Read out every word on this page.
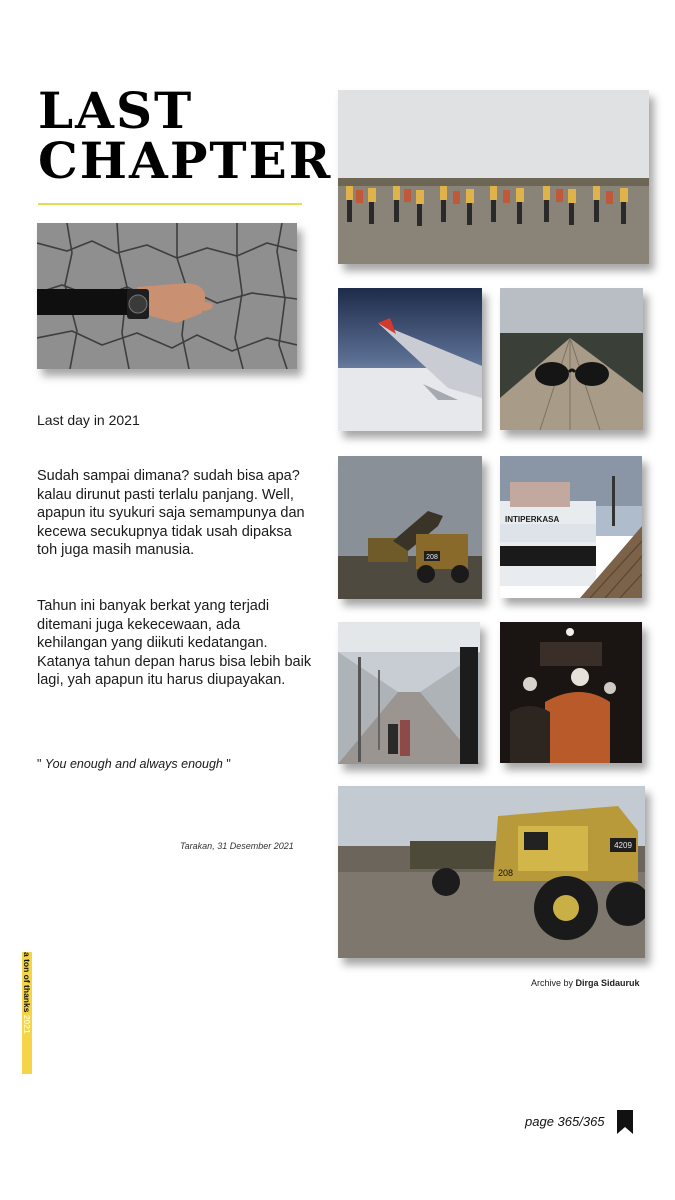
LAST
CHAPTER
208
INTIPERKASA
4209
208
Last day in 2021

Sudah sampai dimana? sudah bisa apa? kalau dirunut pasti terlalu panjang. Well, apapun itu syukuri saja semampunya dan kecewa secukupnya tidak usah dipaksa toh juga masih manusia.

Tahun ini banyak berkat yang terjadi ditemani juga kekecewaan, ada kehilangan yang diikuti kedatangan. Katanya tahun depan harus bisa lebih baik lagi, yah apapun itu harus diupayakan.

" You enough and always enough "
Tarakan, 31 Desember 2021
Archive by Dirga Sidauruk
a ton of thanks 2021
page 365/365
